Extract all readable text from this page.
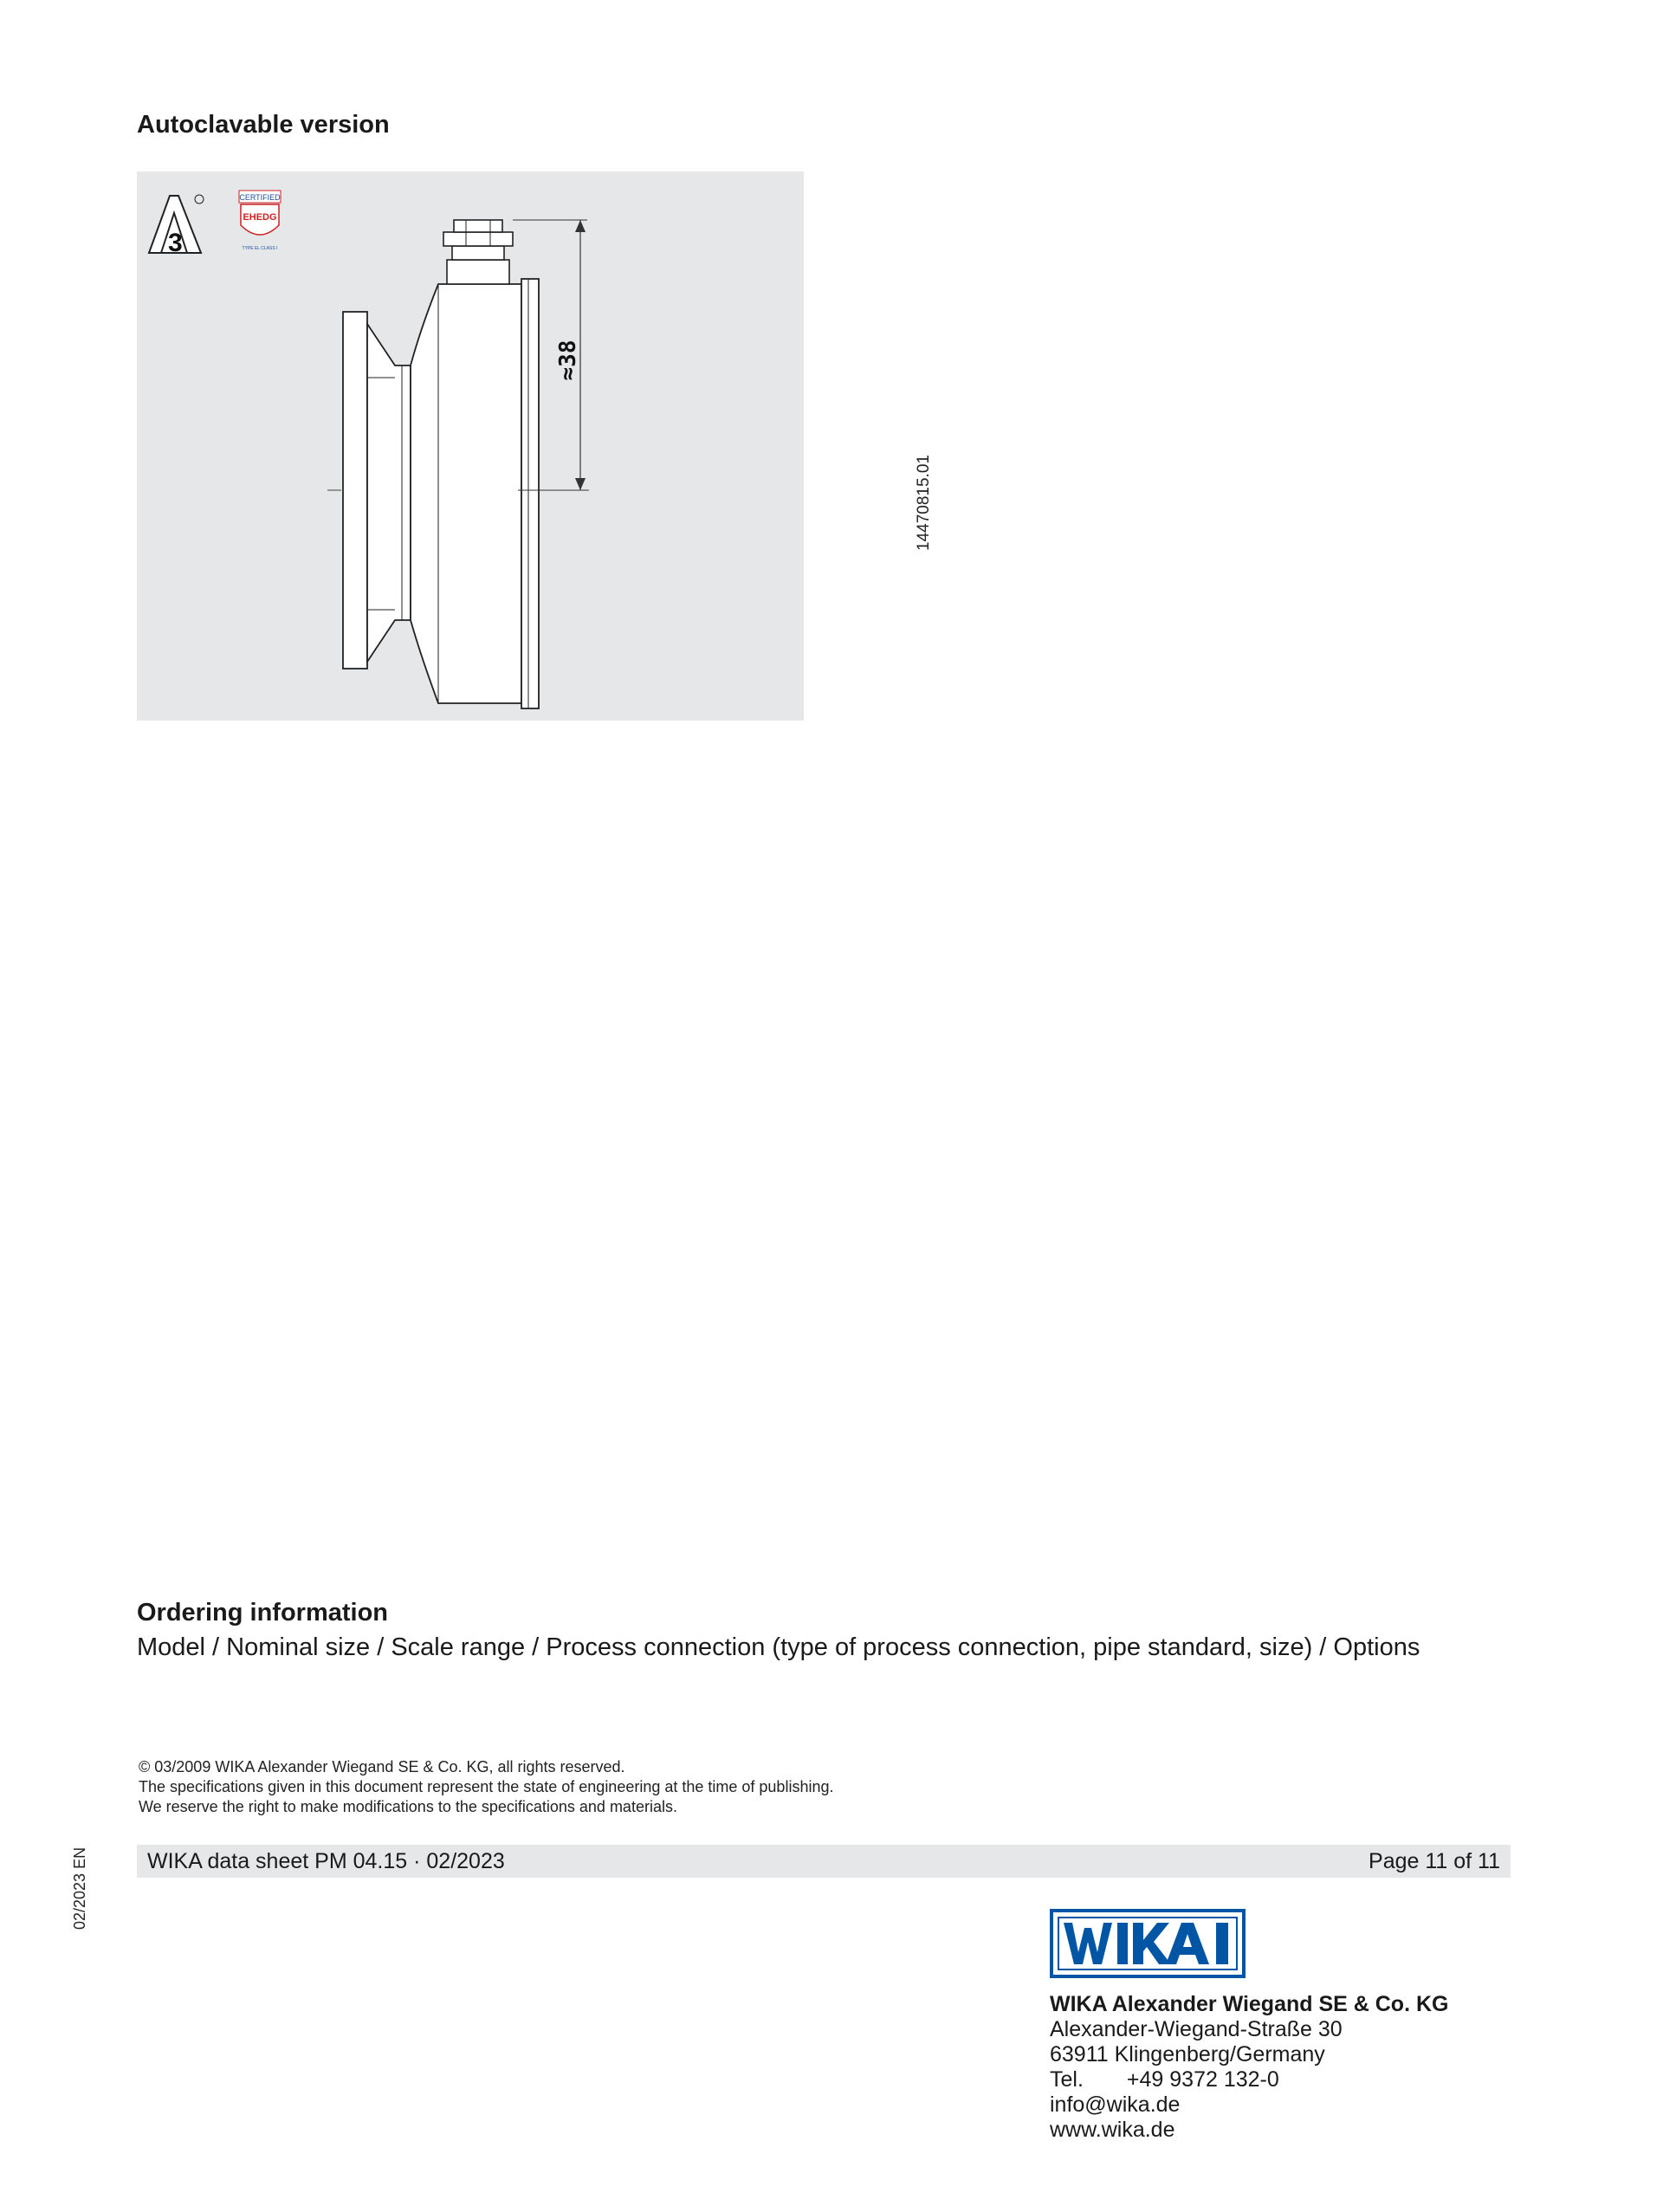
Autoclavable version
3
CERTIFIED
EHEDG
TYPE EL CLASS I
≈38
14470815.01
Ordering information
Model / Nominal size / Scale range / Process connection (type of process connection, pipe standard, size) / Options
© 03/2009 WIKA Alexander Wiegand SE & Co. KG, all rights reserved.
The specifications given in this document represent the state of engineering at the time of publishing.
We reserve the right to make modifications to the specifications and materials.
WIKA data sheet PM 04.15 · 02/2023	Page 11 of 11
02/2023 EN
WIKA Alexander Wiegand SE & Co. KG
Alexander-Wiegand-Straße 30
63911 Klingenberg/Germany
Tel. +49 9372 132-0
info@wika.de
www.wika.de
